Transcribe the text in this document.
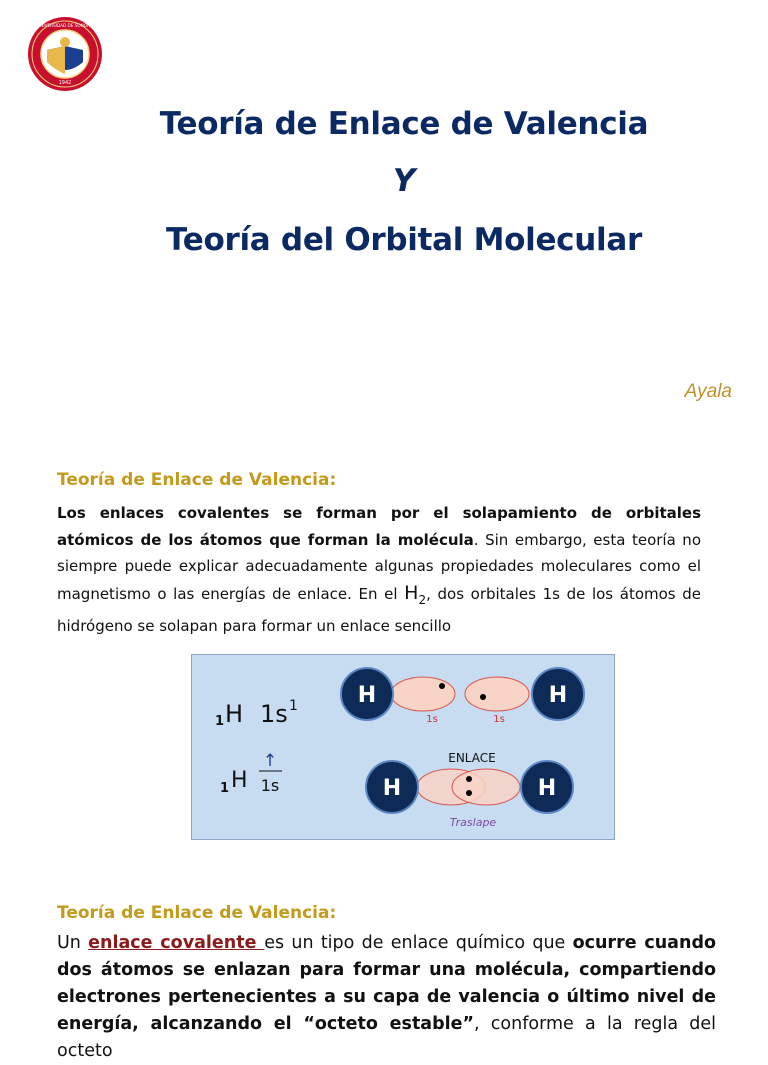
1942
UNIVERSIDAD DE SONORA
Teoría de Enlace de Valencia
Y
Teoría del Orbital Molecular
Ayala
Teoría de Enlace de Valencia:
Los enlaces covalentes se forman por el solapamiento de orbitales atómicos de los átomos que forman la molécula. Sin embargo, esta teoría no siempre puede explicar adecuadamente algunas propiedades moleculares como el magnetismo o las energías de enlace. En el $H_2$, dos orbitales 1s de los átomos de hidrógeno se solapan para formar un enlace sencillo
1 H 1s 1
1 H
↑
1s
H	H
1s	1s
ENLACE
H	H
Traslape
Teoría de Enlace de Valencia:
Un enlace covalente es un tipo de enlace químico que ocurre cuando dos átomos se enlazan para formar una molécula, compartiendo electrones pertenecientes a su capa de valencia o último nivel de energía, alcanzando el “octeto estable”, conforme a la regla del octeto
